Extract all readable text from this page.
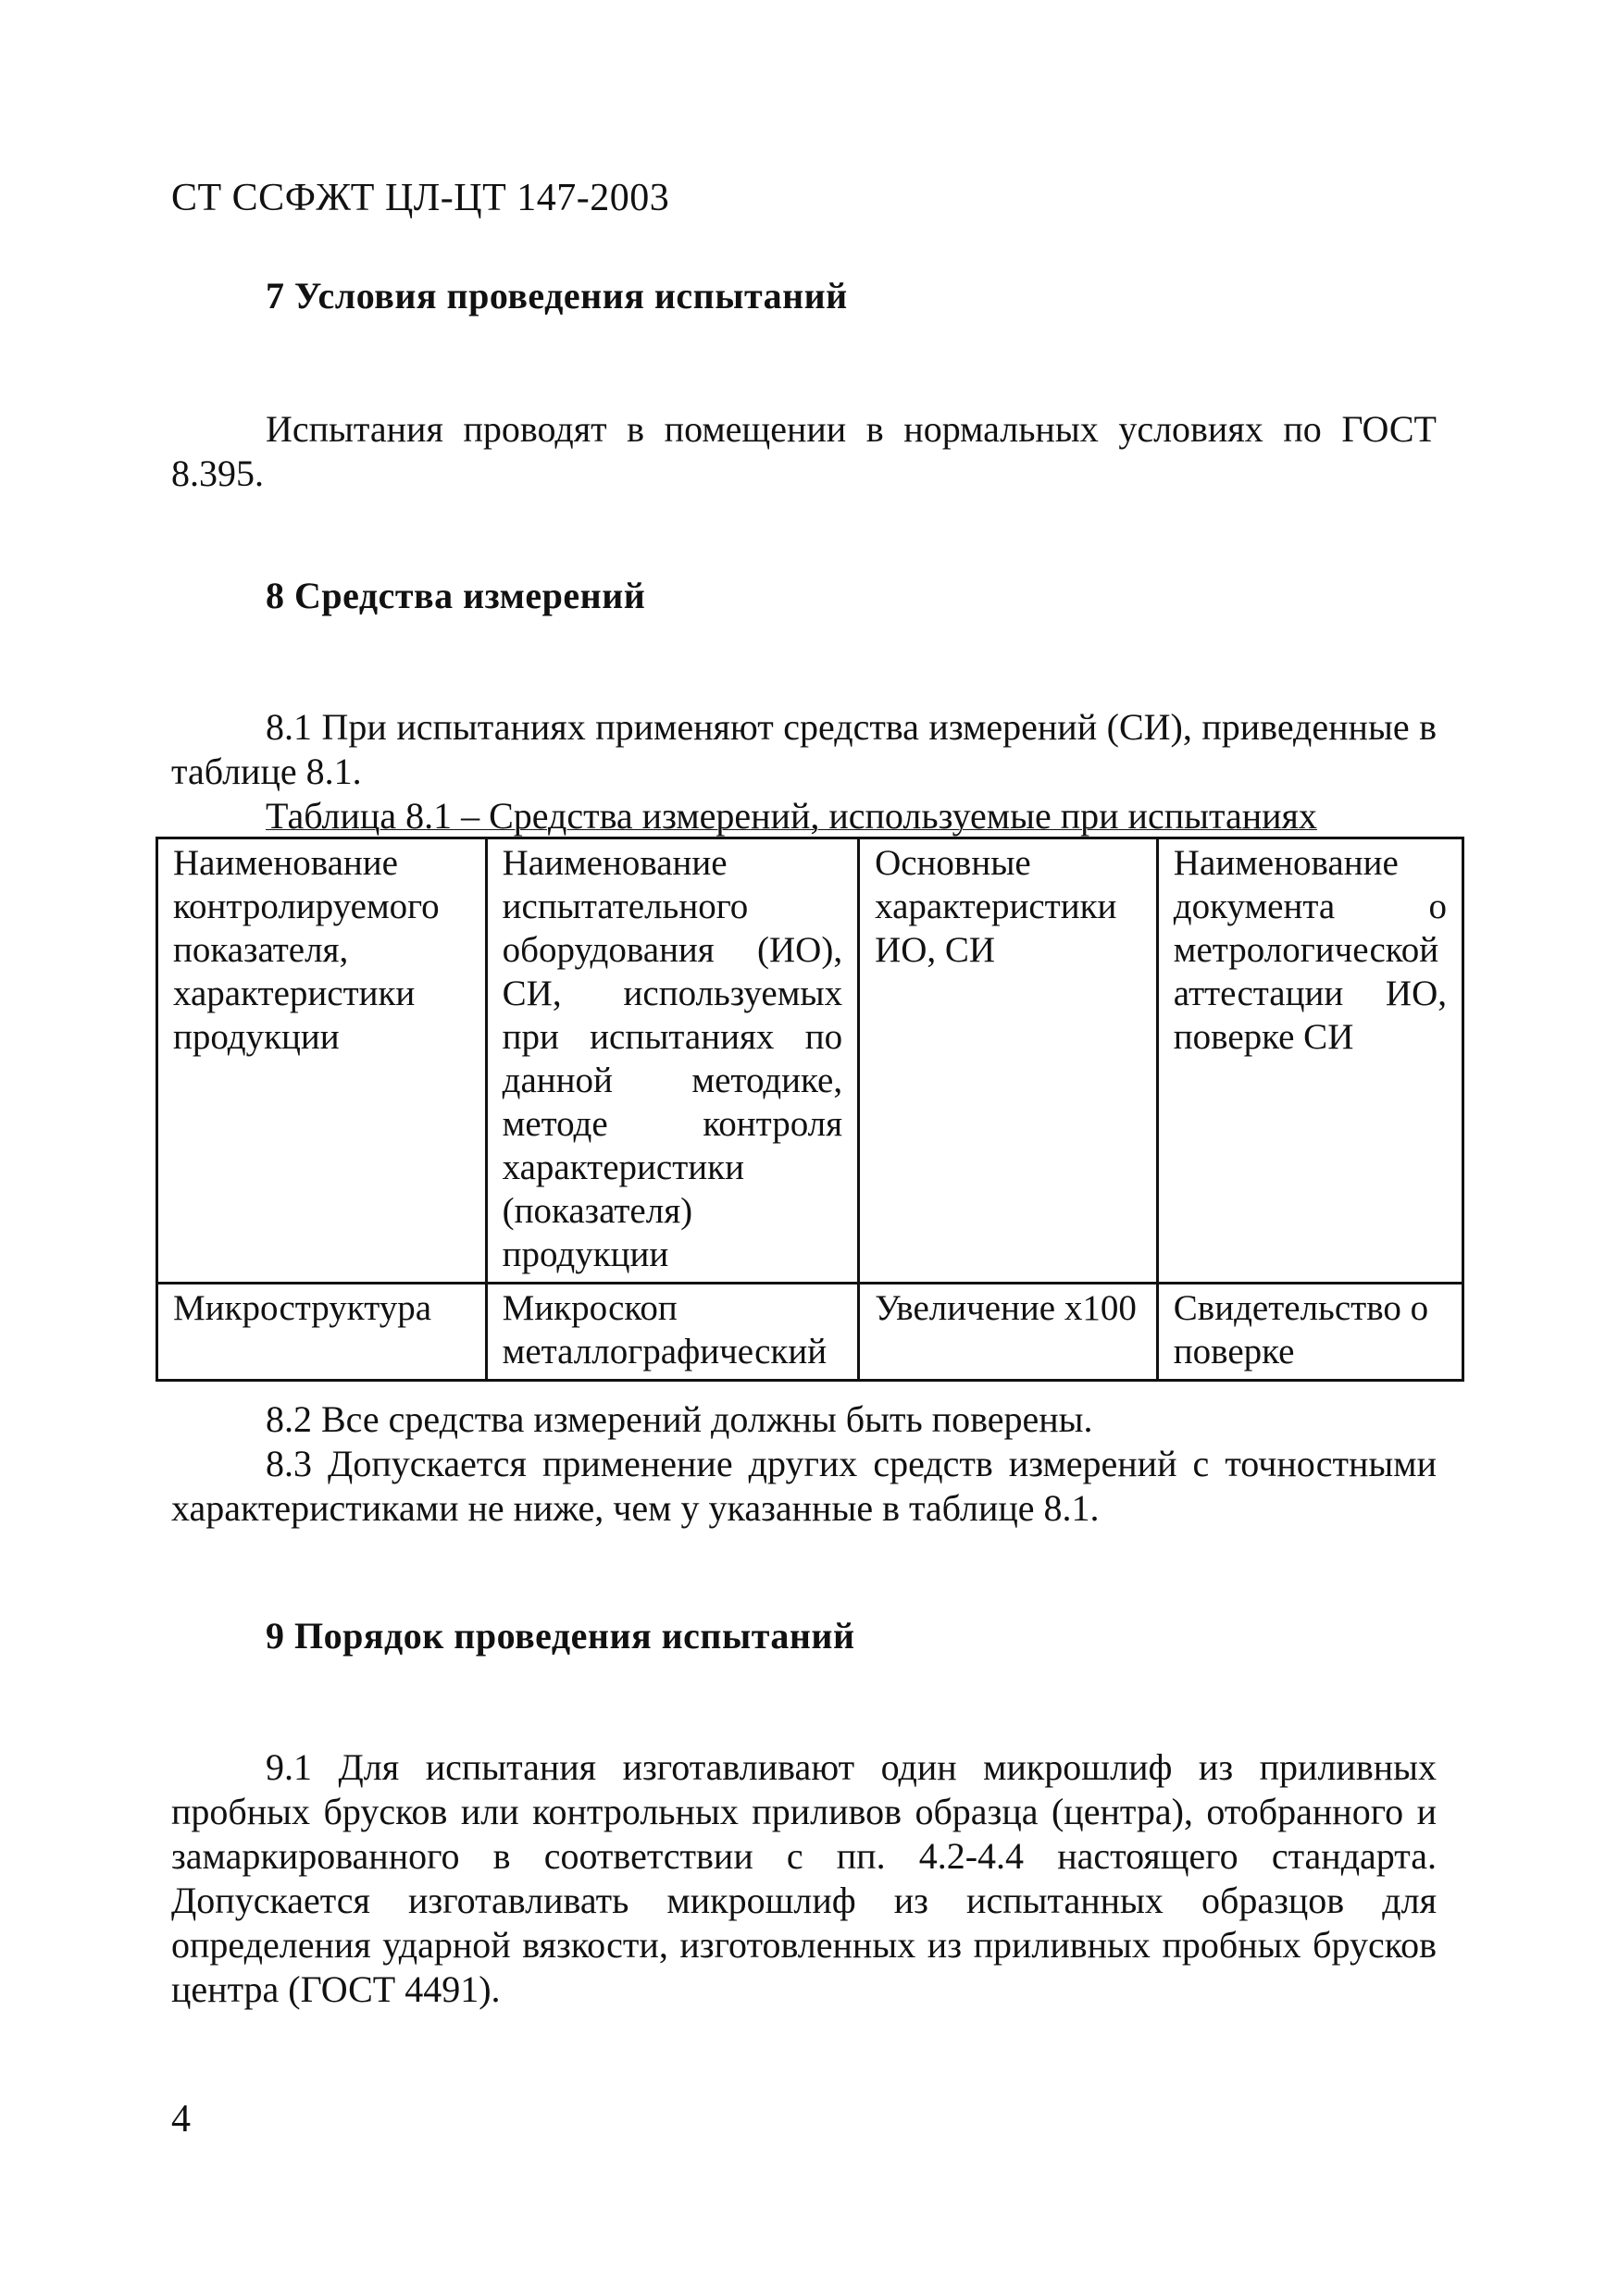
СТ ССФЖТ ЦЛ-ЦТ 147-2003
7 Условия проведения испытаний
Испытания проводят в помещении в нормальных условиях по ГОСТ 8.395.
8 Средства измерений
8.1 При испытаниях применяют средства измерений (СИ), приведенные в таблице 8.1.
Таблица 8.1 – Средства измерений, используемые при испытаниях
Наименование контролируемого показателя, характеристики продукции	Наименование испытательного оборудования (ИО), СИ, используемых при испытаниях по данной методике, методе контроля характеристики (показателя) продукции	Основные характеристики ИО, СИ	Наименование документа о метрологической аттестации ИО, поверке СИ
Микроструктура	Микроскоп металлографический	Увеличение х100	Свидетельство о поверке
8.2 Все средства измерений должны быть поверены.
8.3 Допускается применение других средств измерений с точностными характеристиками не ниже, чем у указанные в таблице 8.1.
9 Порядок проведения испытаний
9.1 Для испытания изготавливают один микрошлиф из приливных пробных брусков или контрольных приливов образца (центра), отобранного и замаркированного в соответствии с пп. 4.2-4.4 настоящего стандарта. Допускается изготавливать микрошлиф из испытанных образцов для определения ударной вязкости, изготовленных из приливных пробных брусков центра (ГОСТ 4491).
4
